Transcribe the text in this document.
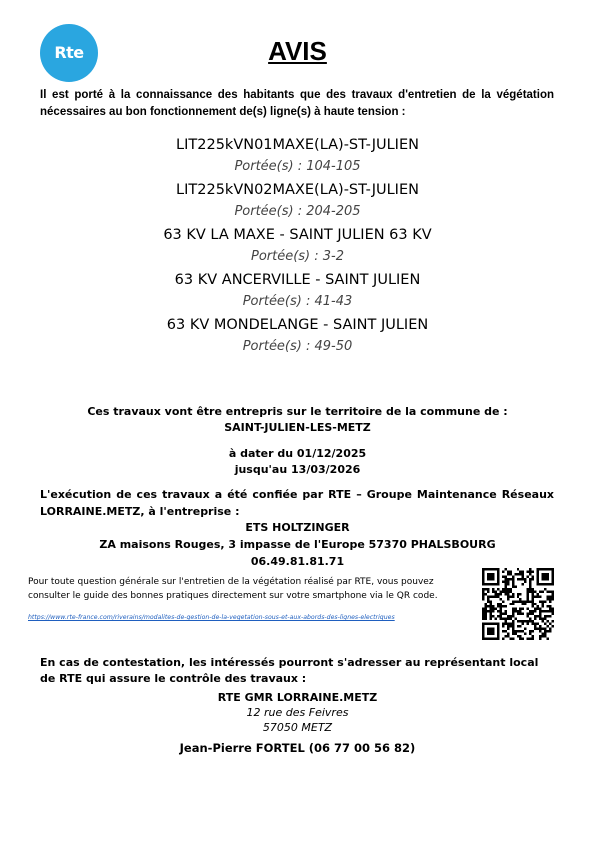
Rte	AVIS
Il est porté à la connaissance des habitants que des travaux d'entretien de la végétation nécessaires au bon fonctionnement de(s) ligne(s) à haute tension :
LIT225kVN01MAXE(LA)-ST-JULIEN
Portée(s) : 104-105
LIT225kVN02MAXE(LA)-ST-JULIEN
Portée(s) : 204-205
63 KV LA MAXE - SAINT JULIEN 63 KV
Portée(s) : 3-2
63 KV ANCERVILLE - SAINT JULIEN
Portée(s) : 41-43
63 KV MONDELANGE - SAINT JULIEN
Portée(s) : 49-50
Ces travaux vont être entrepris sur le territoire de la commune de :
SAINT-JULIEN-LES-METZ
à dater du 01/12/2025
jusqu'au 13/03/2026
L'exécution de ces travaux a été confiée par RTE – Groupe Maintenance Réseaux LORRAINE.METZ, à l'entreprise :
ETS HOLTZINGER
ZA maisons Rouges, 3 impasse de l'Europe 57370 PHALSBOURG
06.49.81.81.71
Pour toute question générale sur l'entretien de la végétation réalisé par RTE, vous pouvez consulter le guide des bonnes pratiques directement sur votre smartphone via le QR code.
https://www.rte-france.com/riverains/modalites-de-gestion-de-la-vegetation-sous-et-aux-abords-des-lignes-electriques
En cas de contestation, les intéressés pourront s'adresser au représentant local de RTE qui assure le contrôle des travaux :
RTE GMR LORRAINE.METZ
12 rue des Feivres
57050 METZ
Jean-Pierre FORTEL (06 77 00 56 82)
